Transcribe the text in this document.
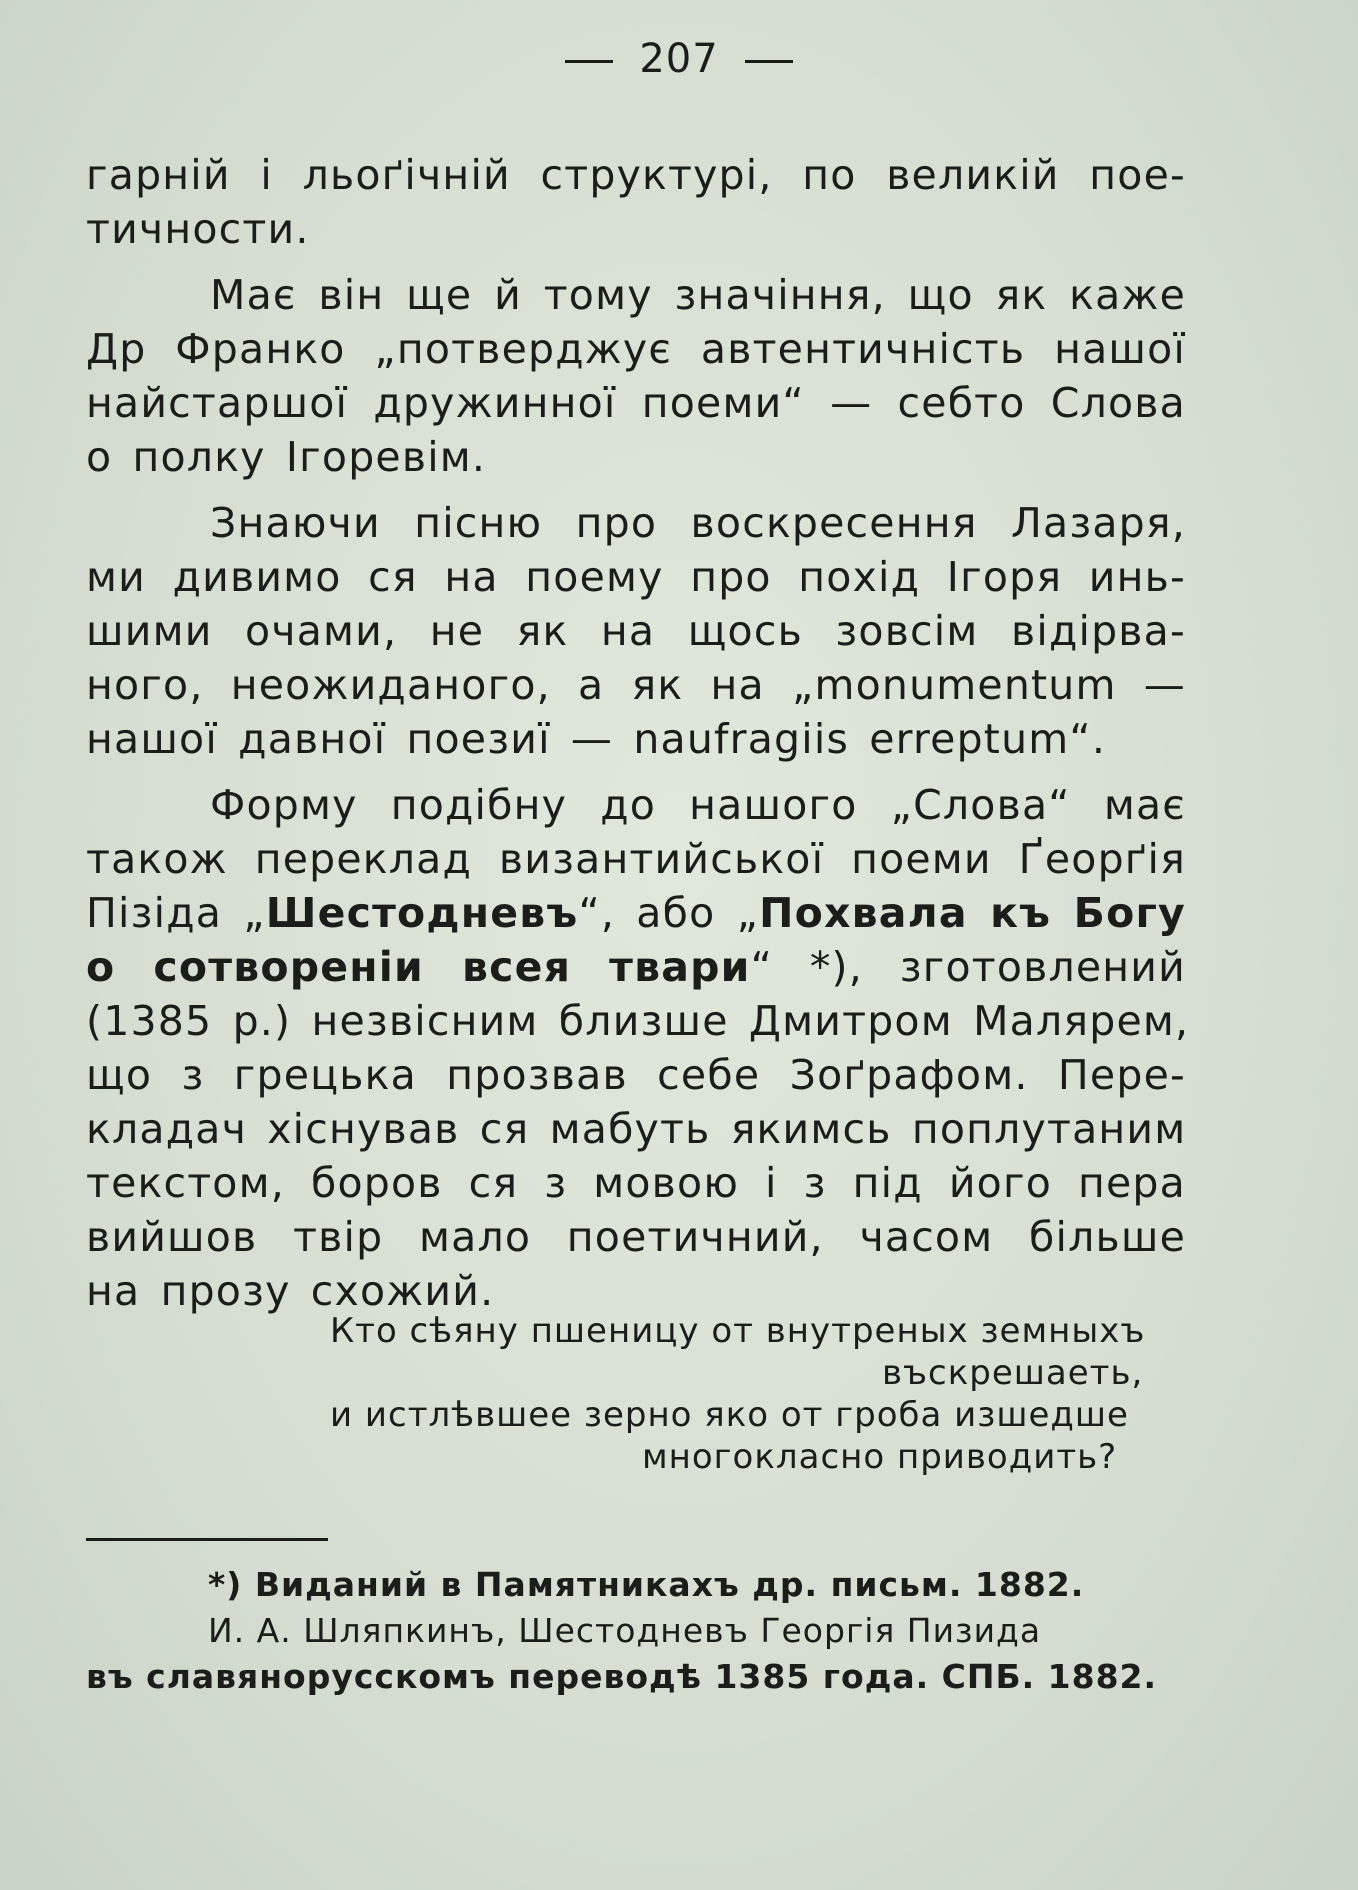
207
гарній і льоґічній структурі, по великій пое-
тичности.
Має він ще й тому значіння, що як каже
Др Франко „потверджує автентичність нашої
найстаршої дружинної поеми“ — себто Слова
о полку Ігоревім.
Знаючи пісню про воскресення Лазаря,
ми дивимо ся на поему про похід Ігоря инь-
шими очами, не як на щось зовсім відірва-
ного, неожиданого, а як на „monumentum —
нашої давної поезиї — naufragiis erreptum“.
Форму подібну до нашого „Слова“ має
також переклад византийської поеми Ґеорґія
Пізіда „Шестодневъ“, або „Похвала къ Богу
о сотвореніи всея твари“ *), зготовлений
(1385 р.) незвісним близше Дмитром Малярем,
що з грецька прозвав себе Зоґрафом. Пере-
кладач хіснував ся мабуть якимсь поплутаним
текстом, боров ся з мовою і з під його пера
вийшов твір мало поетичний, часом більше
на прозу схожий.
Кто сѣяну пшеницу от внутреных земныхъ
въскрешаеть,
и истлѣвшее зерно яко от гроба изшедше
многокласно приводить?
*) Виданий в Памятникахъ др. письм. 1882.
И. А. Шляпкинъ, Шестодневъ Георгія Пизида
въ славянорусскомъ переводѣ 1385 года. СПБ. 1882.
